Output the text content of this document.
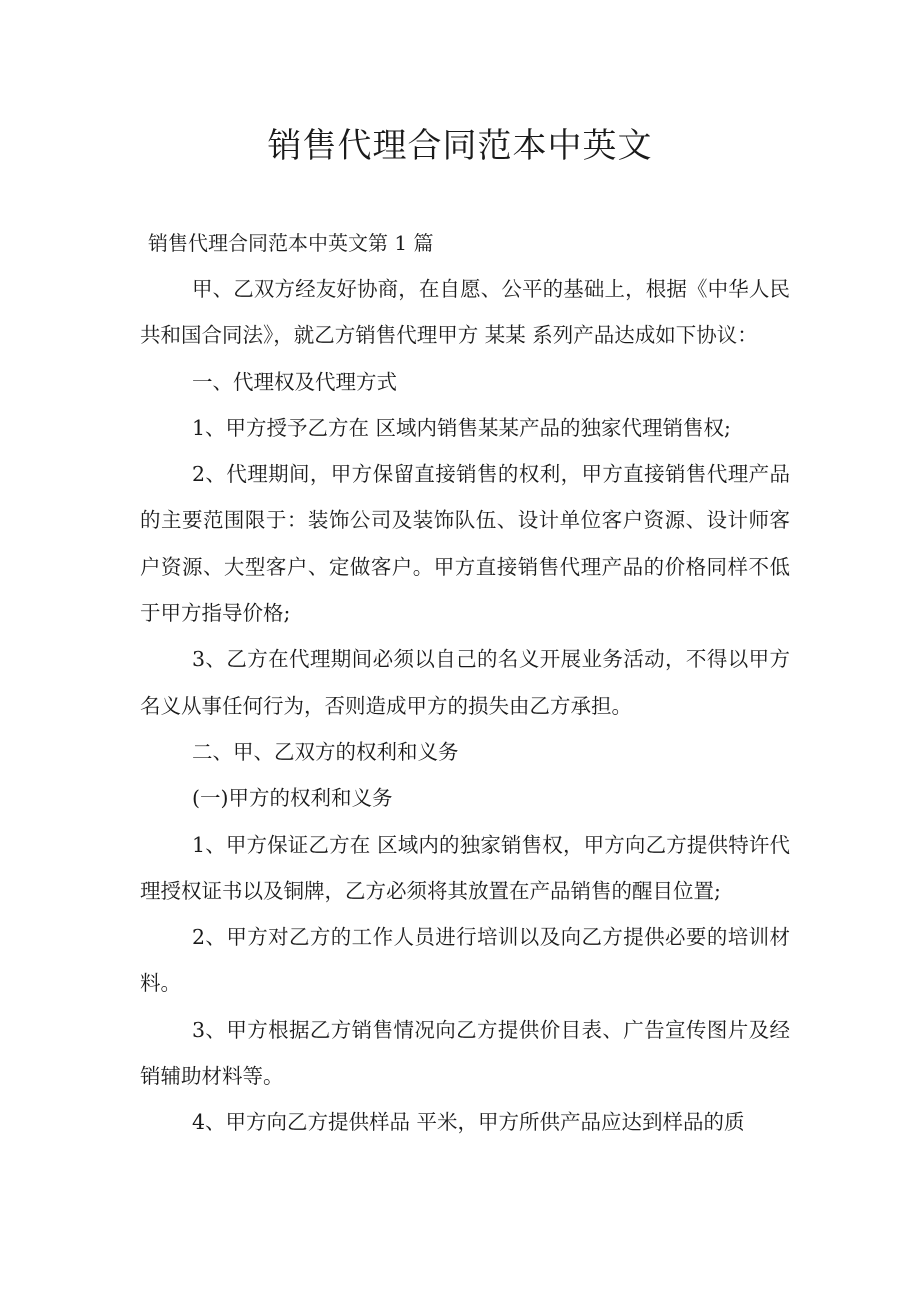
销售代理合同范本中英文

销售代理合同范本中英文第 1 篇

甲、乙双方经友好协商，在自愿、公平的基础上，根据《中华人民共和国合同法》，就乙方销售代理甲方 某某 系列产品达成如下协议：

一、代理权及代理方式

1、甲方授予乙方在 区域内销售某某产品的独家代理销售权;

2、代理期间，甲方保留直接销售的权利，甲方直接销售代理产品的主要范围限于：装饰公司及装饰队伍、设计单位客户资源、设计师客户资源、大型客户、定做客户。甲方直接销售代理产品的价格同样不低于甲方指导价格;

3、乙方在代理期间必须以自己的名义开展业务活动，不得以甲方名义从事任何行为，否则造成甲方的损失由乙方承担。

二、甲、乙双方的权利和义务

(一)甲方的权利和义务

1、甲方保证乙方在 区域内的独家销售权，甲方向乙方提供特许代理授权证书以及铜牌，乙方必须将其放置在产品销售的醒目位置;

2、甲方对乙方的工作人员进行培训以及向乙方提供必要的培训材料。

3、甲方根据乙方销售情况向乙方提供价目表、广告宣传图片及经销辅助材料等。

4、甲方向乙方提供样品 平米，甲方所供产品应达到样品的质
